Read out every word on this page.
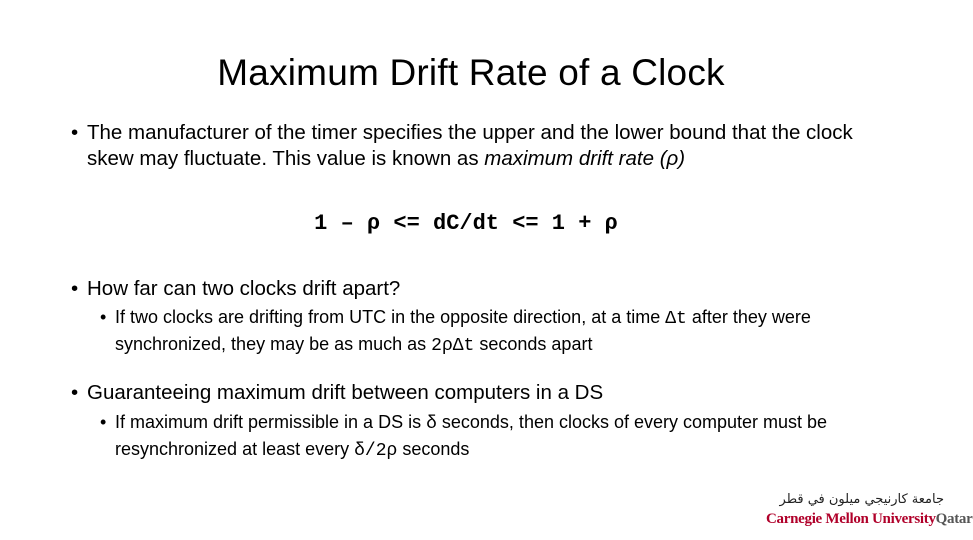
Maximum Drift Rate of a Clock
• The manufacturer of the timer specifies the upper and the lower bound that the clock skew may fluctuate. This value is known as maximum drift rate (ρ)
1 – ρ <= dC/dt <= 1 + ρ
• How far can two clocks drift apart?
• If two clocks are drifting from UTC in the opposite direction, at a time Δt after they were synchronized, they may be as much as 2ρΔt seconds apart
• Guaranteeing maximum drift between computers in a DS
• If maximum drift permissible in a DS is δ seconds, then clocks of every computer must be resynchronized at least every δ/2ρ seconds
جامعة كارنيجي ميلون في قطر
Carnegie Mellon UniversityQatar
